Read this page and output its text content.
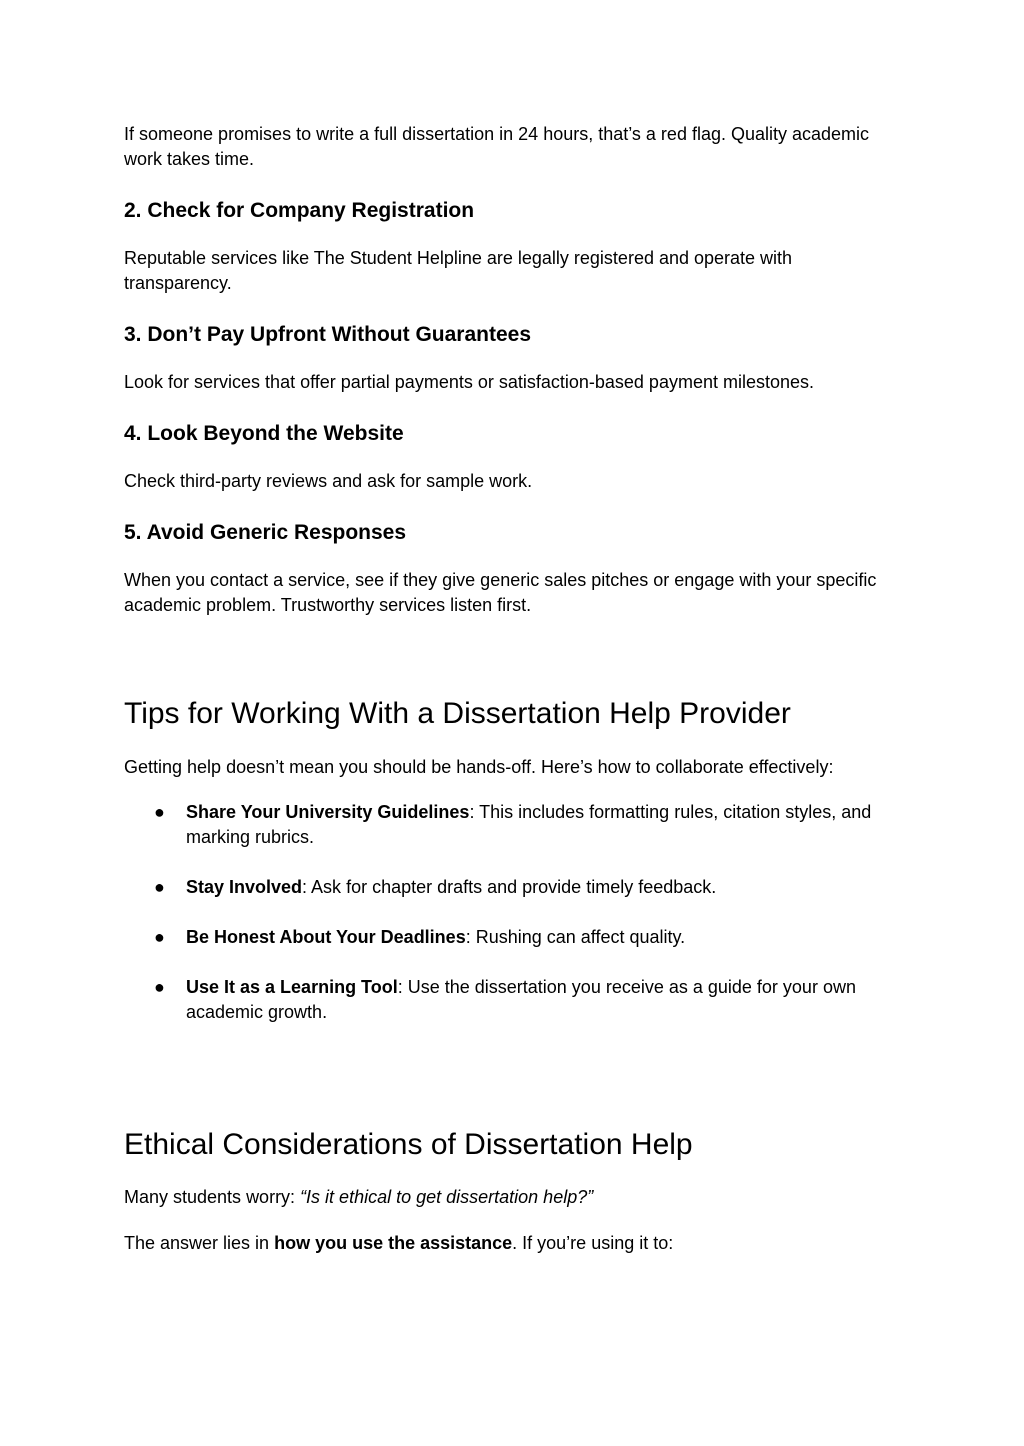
If someone promises to write a full dissertation in 24 hours, that’s a red flag. Quality academic work takes time.

2. Check for Company Registration

Reputable services like The Student Helpline are legally registered and operate with transparency.

3. Don’t Pay Upfront Without Guarantees

Look for services that offer partial payments or satisfaction-based payment milestones.

4. Look Beyond the Website

Check third-party reviews and ask for sample work.

5. Avoid Generic Responses

When you contact a service, see if they give generic sales pitches or engage with your specific academic problem. Trustworthy services listen first.

Tips for Working With a Dissertation Help Provider

Getting help doesn’t mean you should be hands-off. Here’s how to collaborate effectively:

● Share Your University Guidelines: This includes formatting rules, citation styles, and marking rubrics.
● Stay Involved: Ask for chapter drafts and provide timely feedback.
● Be Honest About Your Deadlines: Rushing can affect quality.
● Use It as a Learning Tool: Use the dissertation you receive as a guide for your own academic growth.
Ethical Considerations of Dissertation Help

Many students worry: “Is it ethical to get dissertation help?”

The answer lies in how you use the assistance. If you’re using it to:
